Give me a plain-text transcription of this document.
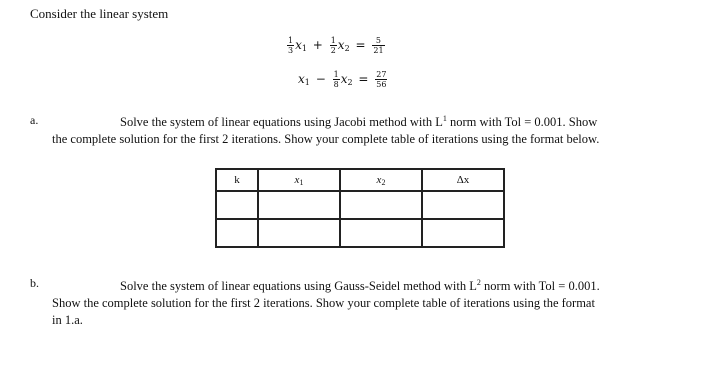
Consider the linear system
$\frac{1}{3} x_1 + \frac{1}{2} x_2 = \frac{5}{21}$
$x_1 - \frac{1}{8} x_2 = \frac{27}{56}$
a.	Solve the system of linear equations using Jacobi method with $L^1$ norm with Tol = 0.001. Show
the complete solution for the first 2 iterations. Show your complete table of iterations using the format below.
k	$x_1$	$x_2$	Δx

b.	Solve the system of linear equations using Gauss-Seidel method with $L^2$ norm with Tol = 0.001.
Show the complete solution for the first 2 iterations. Show your complete table of iterations using the format
in 1.a.
